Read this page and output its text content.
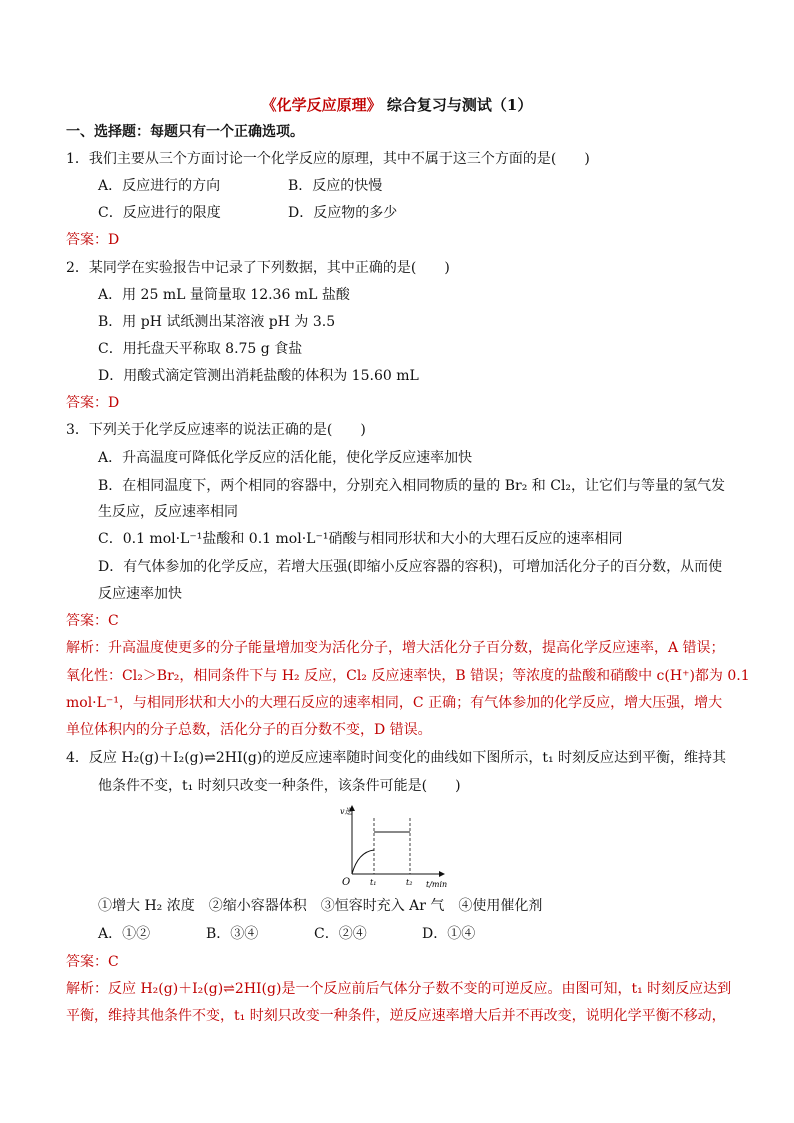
《化学反应原理》 综合复习与测试（1）
一、选择题：每题只有一个正确选项。
1．我们主要从三个方面讨论一个化学反应的原理，其中不属于这三个方面的是(　　)
A．反应进行的方向	B．反应的快慢
C．反应进行的限度	D．反应物的多少
答案：D
2．某同学在实验报告中记录了下列数据，其中正确的是(　　)
A．用 25 mL 量筒量取 12.36 mL 盐酸
B．用 pH 试纸测出某溶液 pH 为 3.5
C．用托盘天平称取 8.75 g 食盐
D．用酸式滴定管测出消耗盐酸的体积为 15.60 mL
答案：D
3．下列关于化学反应速率的说法正确的是(　　)
A．升高温度可降低化学反应的活化能，使化学反应速率加快
B．在相同温度下，两个相同的容器中，分别充入相同物质的量的 Br₂ 和 Cl₂，让它们与等量的氢气发
生反应，反应速率相同
C．0.1 mol·L⁻¹盐酸和 0.1 mol·L⁻¹硝酸与相同形状和大小的大理石反应的速率相同
D．有气体参加的化学反应，若增大压强(即缩小反应容器的容积)，可增加活化分子的百分数，从而使
反应速率加快
答案：C
解析：升高温度使更多的分子能量增加变为活化分子，增大活化分子百分数，提高化学反应速率，A 错误；
氧化性：Cl₂＞Br₂，相同条件下与 H₂ 反应，Cl₂ 反应速率快，B 错误；等浓度的盐酸和硝酸中 c(H⁺)都为 0.1
mol·L⁻¹，与相同形状和大小的大理石反应的速率相同，C 正确；有气体参加的化学反应，增大压强，增大
单位体积内的分子总数，活化分子的百分数不变，D 错误。
4．反应 H₂(g)＋I₂(g)⇌2HI(g)的逆反应速率随时间变化的曲线如下图所示，t₁ 时刻反应达到平衡，维持其
他条件不变，t₁ 时刻只改变一种条件，该条件可能是(　　)
v逆
O t₁	t₂ t/min
①增大 H₂ 浓度　②缩小容器体积　③恒容时充入 Ar 气　④使用催化剂
A．①②	B．③④	C．②④	D．①④
答案：C
解析：反应 H₂(g)＋I₂(g)⇌2HI(g)是一个反应前后气体分子数不变的可逆反应。由图可知，t₁ 时刻反应达到
平衡，维持其他条件不变，t₁ 时刻只改变一种条件，逆反应速率增大后并不再改变，说明化学平衡不移动，
